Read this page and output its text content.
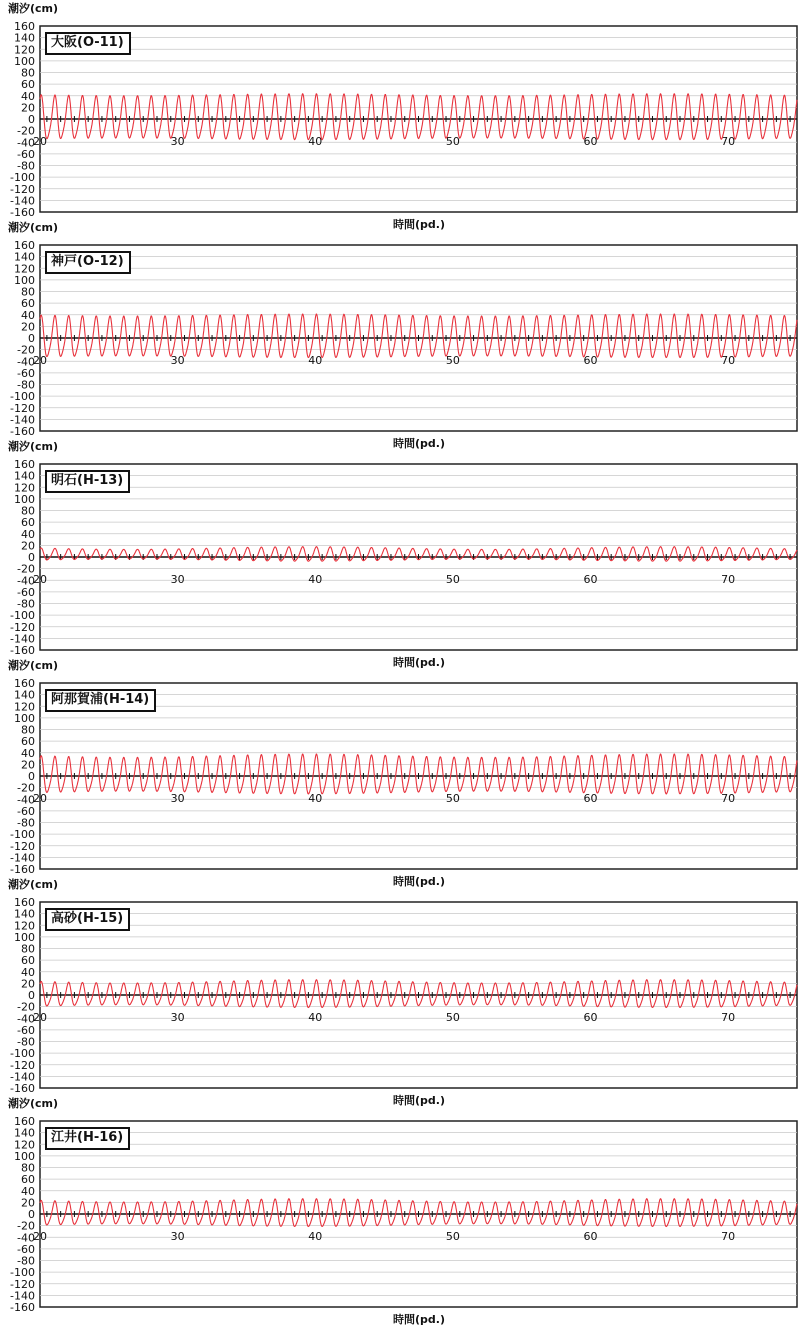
160
140
120
100
80
60
40
20
0
-20
-40
-60
-80
-100
-120
-140
-160
20	30	40	50	60	70
潮汐(cm)
大阪(O-11)
時間(pd.)
160
140
120
100
80
60
40
20
0
-20
-40
-60
-80
-100
-120
-140
-160
20	30	40	50	60	70
潮汐(cm)
神戸(O-12)
時間(pd.)
160
140
120
100
80
60
40
20
0
-20
-40
-60
-80
-100
-120
-140
-160
20	30	40	50	60	70
潮汐(cm)
明石(H-13)
時間(pd.)
160
140
120
100
80
60
40
20
0
-20
-40
-60
-80
-100
-120
-140
-160
20	30	40	50	60	70
潮汐(cm)
阿那賀浦(H-14)
時間(pd.)
160
140
120
100
80
60
40
20
0
-20
-40
-60
-80
-100
-120
-140
-160
20	30	40	50	60	70
潮汐(cm)
高砂(H-15)
時間(pd.)
160
140
120
100
80
60
40
20
0
-20
-40
-60
-80
-100
-120
-140
-160
20	30	40	50	60	70
潮汐(cm)
江井(H-16)
時間(pd.)
